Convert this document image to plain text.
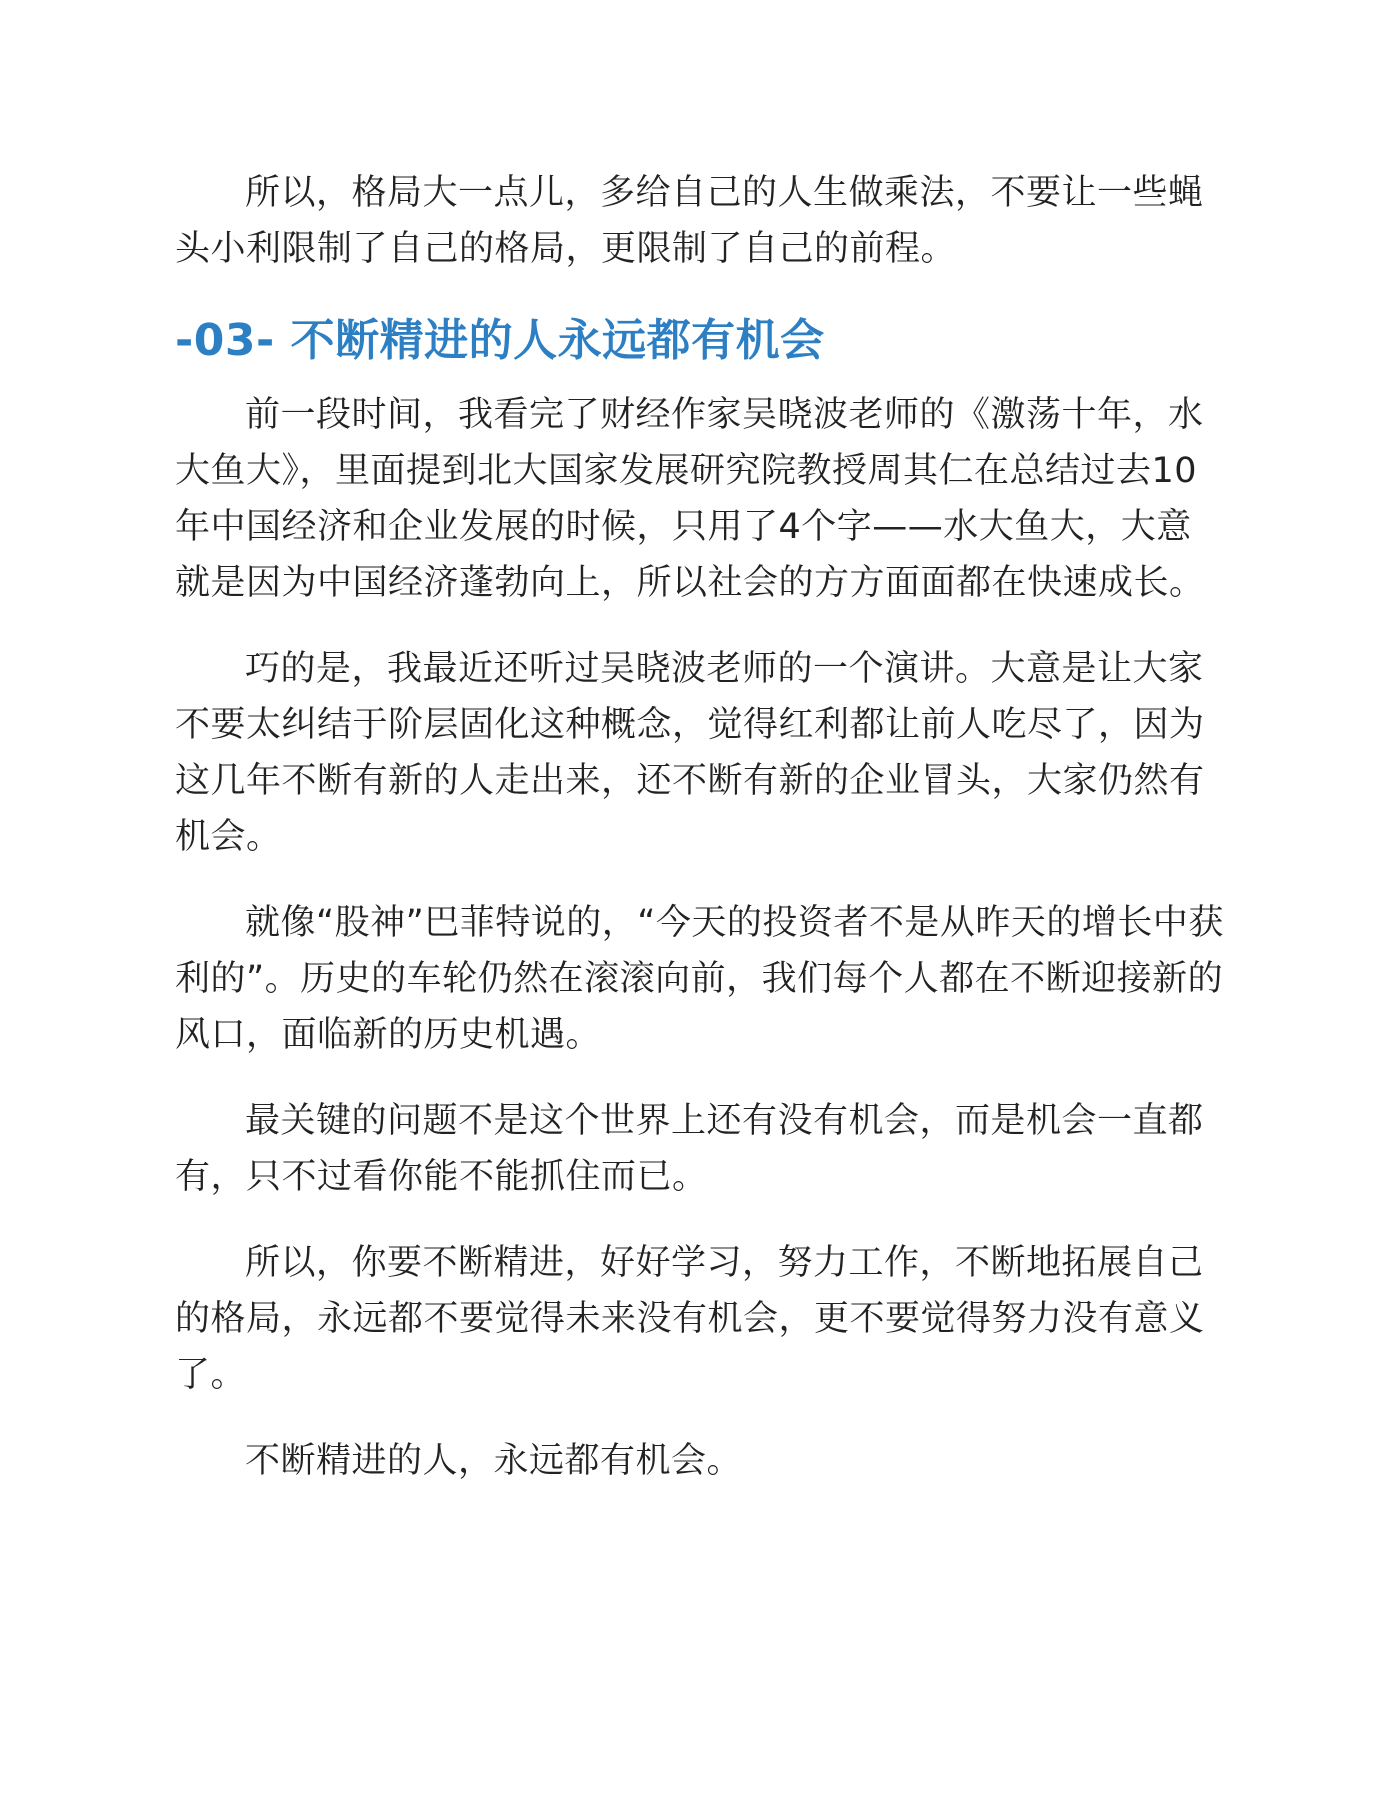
所以，格局大一点儿，多给自己的人生做乘法，不要让一些蝇头小利限制了自己的格局，更限制了自己的前程。

-03- 不断精进的人永远都有机会

前一段时间，我看完了财经作家吴晓波老师的《激荡十年，水大鱼大》，里面提到北大国家发展研究院教授周其仁在总结过去10年中国经济和企业发展的时候，只用了4个字——水大鱼大，大意就是因为中国经济蓬勃向上，所以社会的方方面面都在快速成长。

巧的是，我最近还听过吴晓波老师的一个演讲。大意是让大家不要太纠结于阶层固化这种概念，觉得红利都让前人吃尽了，因为这几年不断有新的人走出来，还不断有新的企业冒头，大家仍然有机会。

就像“股神”巴菲特说的，“今天的投资者不是从昨天的增长中获利的”。历史的车轮仍然在滚滚向前，我们每个人都在不断迎接新的风口，面临新的历史机遇。

最关键的问题不是这个世界上还有没有机会，而是机会一直都有，只不过看你能不能抓住而已。

所以，你要不断精进，好好学习，努力工作，不断地拓展自己的格局，永远都不要觉得未来没有机会，更不要觉得努力没有意义了。

不断精进的人，永远都有机会。
